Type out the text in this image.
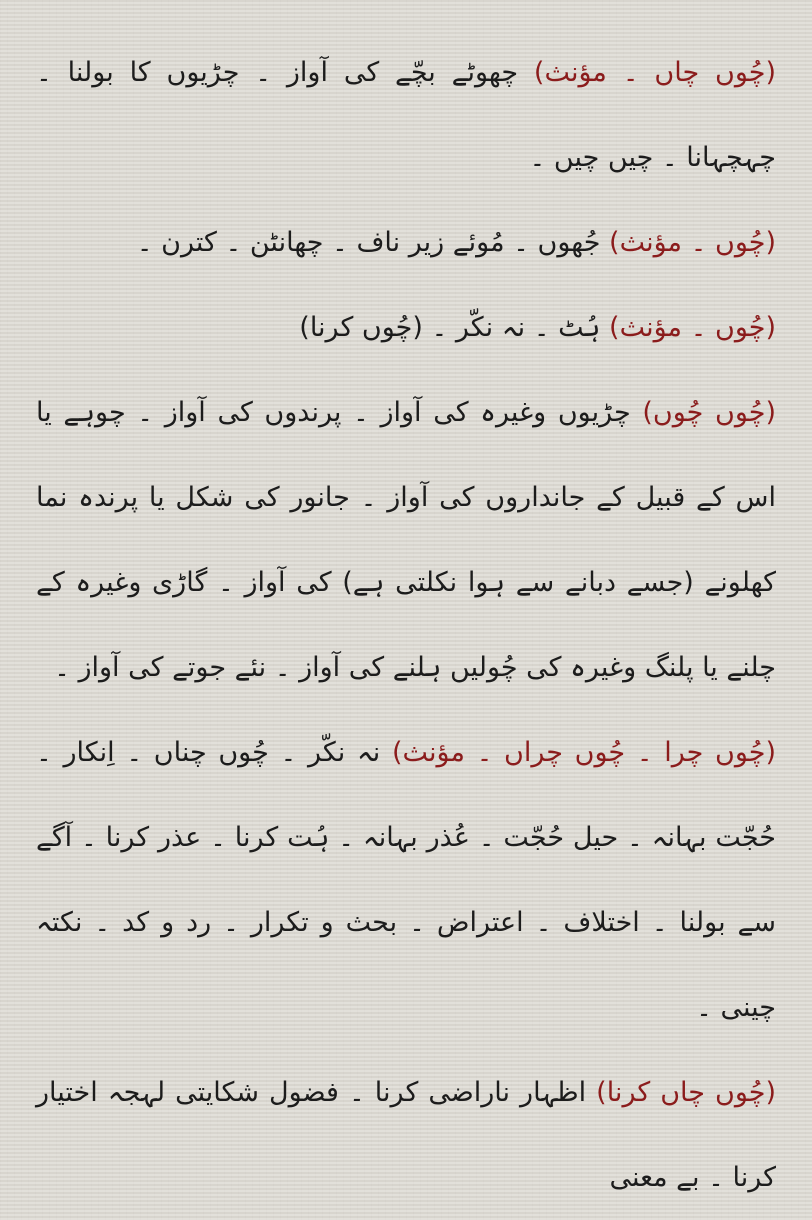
(چُوں چاں ۔ مؤنث) چھوٹے بچّے کی آواز ۔ چڑیوں کا بولنا ۔ چہچہانا ۔ چیں چیں ۔

(چُوں ۔ مؤنث) جُھوں ۔ مُوئے زیر ناف ۔ چھانٹن ۔ کترن ۔

(چُوں ۔ مؤنث) ہُٹ ۔ نہ نکّر ۔ (چُوں کرنا)

(چُوں چُوں) چڑیوں وغیرہ کی آواز ۔ پرندوں کی آواز ۔ چوہے یا اس کے قبیل کے جانداروں کی آواز ۔ جانور کی شکل یا پرندہ نما کھلونے (جسے دبانے سے ہوا نکلتی ہے) کی آواز ۔ گاڑی وغیرہ کے چلنے یا پلنگ وغیرہ کی چُولیں ہلنے کی آواز ۔ نئے جوتے کی آواز ۔

(چُوں چرا ۔ چُوں چراں ۔ مؤنث) نہ نکّر ۔ چُوں چناں ۔ اِنکار ۔ حُجّت بہانہ ۔ حیل حُجّت ۔ عُذر بہانہ ۔ ہُت کرنا ۔ عذر کرنا ۔ آگے سے بولنا ۔ اختلاف ۔ اعتراض ۔ بحث و تکرار ۔ رد و کد ۔ نکتہ چینی ۔

(چُوں چاں کرنا) اظہار ناراضی کرنا ۔ فضول شکایتی لہجہ اختیار کرنا ۔ بے معنی
